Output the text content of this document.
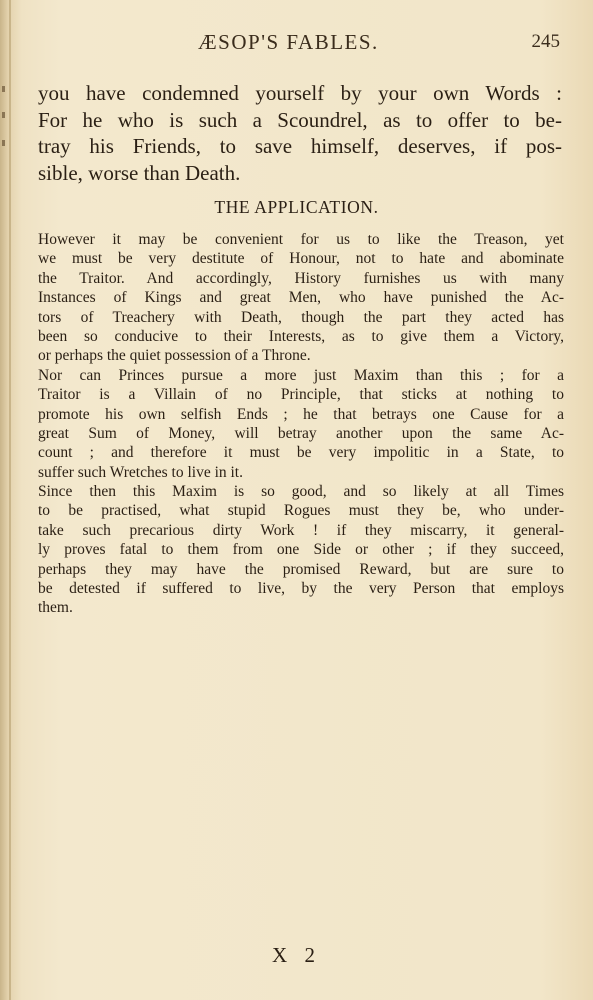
ÆSOP'S FABLES.	245
you have condemned yourself by your own Words :
For he who is such a Scoundrel, as to offer to be-
tray his Friends, to save himself, deserves, if pos-
sible, worse than Death.
THE APPLICATION.
However it may be convenient for us to like the Treason, yet
we must be very destitute of Honour, not to hate and abominate
the Traitor. And accordingly, History furnishes us with many
Instances of Kings and great Men, who have punished the Ac-
tors of Treachery with Death, though the part they acted has
been so conducive to their Interests, as to give them a Victory,
or perhaps the quiet possession of a Throne.
Nor can Princes pursue a more just Maxim than this ; for a
Traitor is a Villain of no Principle, that sticks at nothing to
promote his own selfish Ends ; he that betrays one Cause for a
great Sum of Money, will betray another upon the same Ac-
count ; and therefore it must be very impolitic in a State, to
suffer such Wretches to live in it.
Since then this Maxim is so good, and so likely at all Times
to be practised, what stupid Rogues must they be, who under-
take such precarious dirty Work ! if they miscarry, it general-
ly proves fatal to them from one Side or other ; if they succeed,
perhaps they may have the promised Reward, but are sure to
be detested if suffered to live, by the very Person that employs
them.
X 2
